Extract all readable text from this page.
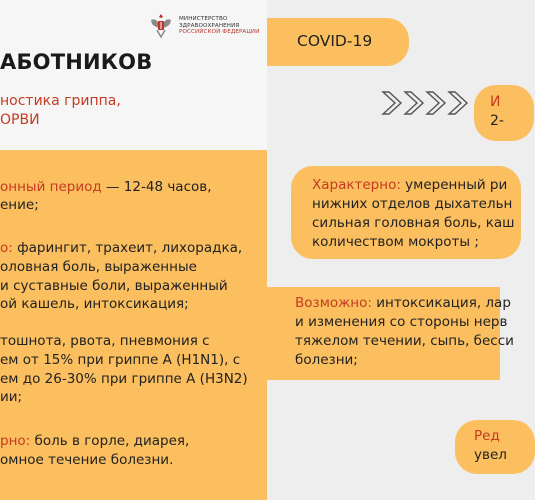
МИНИСТЕРСТВО
ЗДРАВООХРАНЕНИЯ
РОССИЙСКОЙ ФЕДЕРАЦИИ
АБОТНИКОВ
ностика гриппа,
ОРВИ

онный период — 12-48 часов,

ение;

о: фарингит, трахеит, лихорадка,

оловная боль, выраженные

и суставные боли, выраженный

ой кашель, интоксикация;

тошнота, рвота, пневмония с

ем от 15% при гриппе А (H1N1), с

ем до 26-30% при гриппе А (H3N2)

ии;

рно: боль в горле, диарея,

омное течение болезни.

COVID-19
И
2-

Характерно: умеренный ри

нижних отделов дыхательн

сильная головная боль, каш

количеством мокроты ;

Возможно: интоксикация, лар

и изменения со стороны нерв

тяжелом течении, сыпь, бесси

болезни;

Ред
увел
